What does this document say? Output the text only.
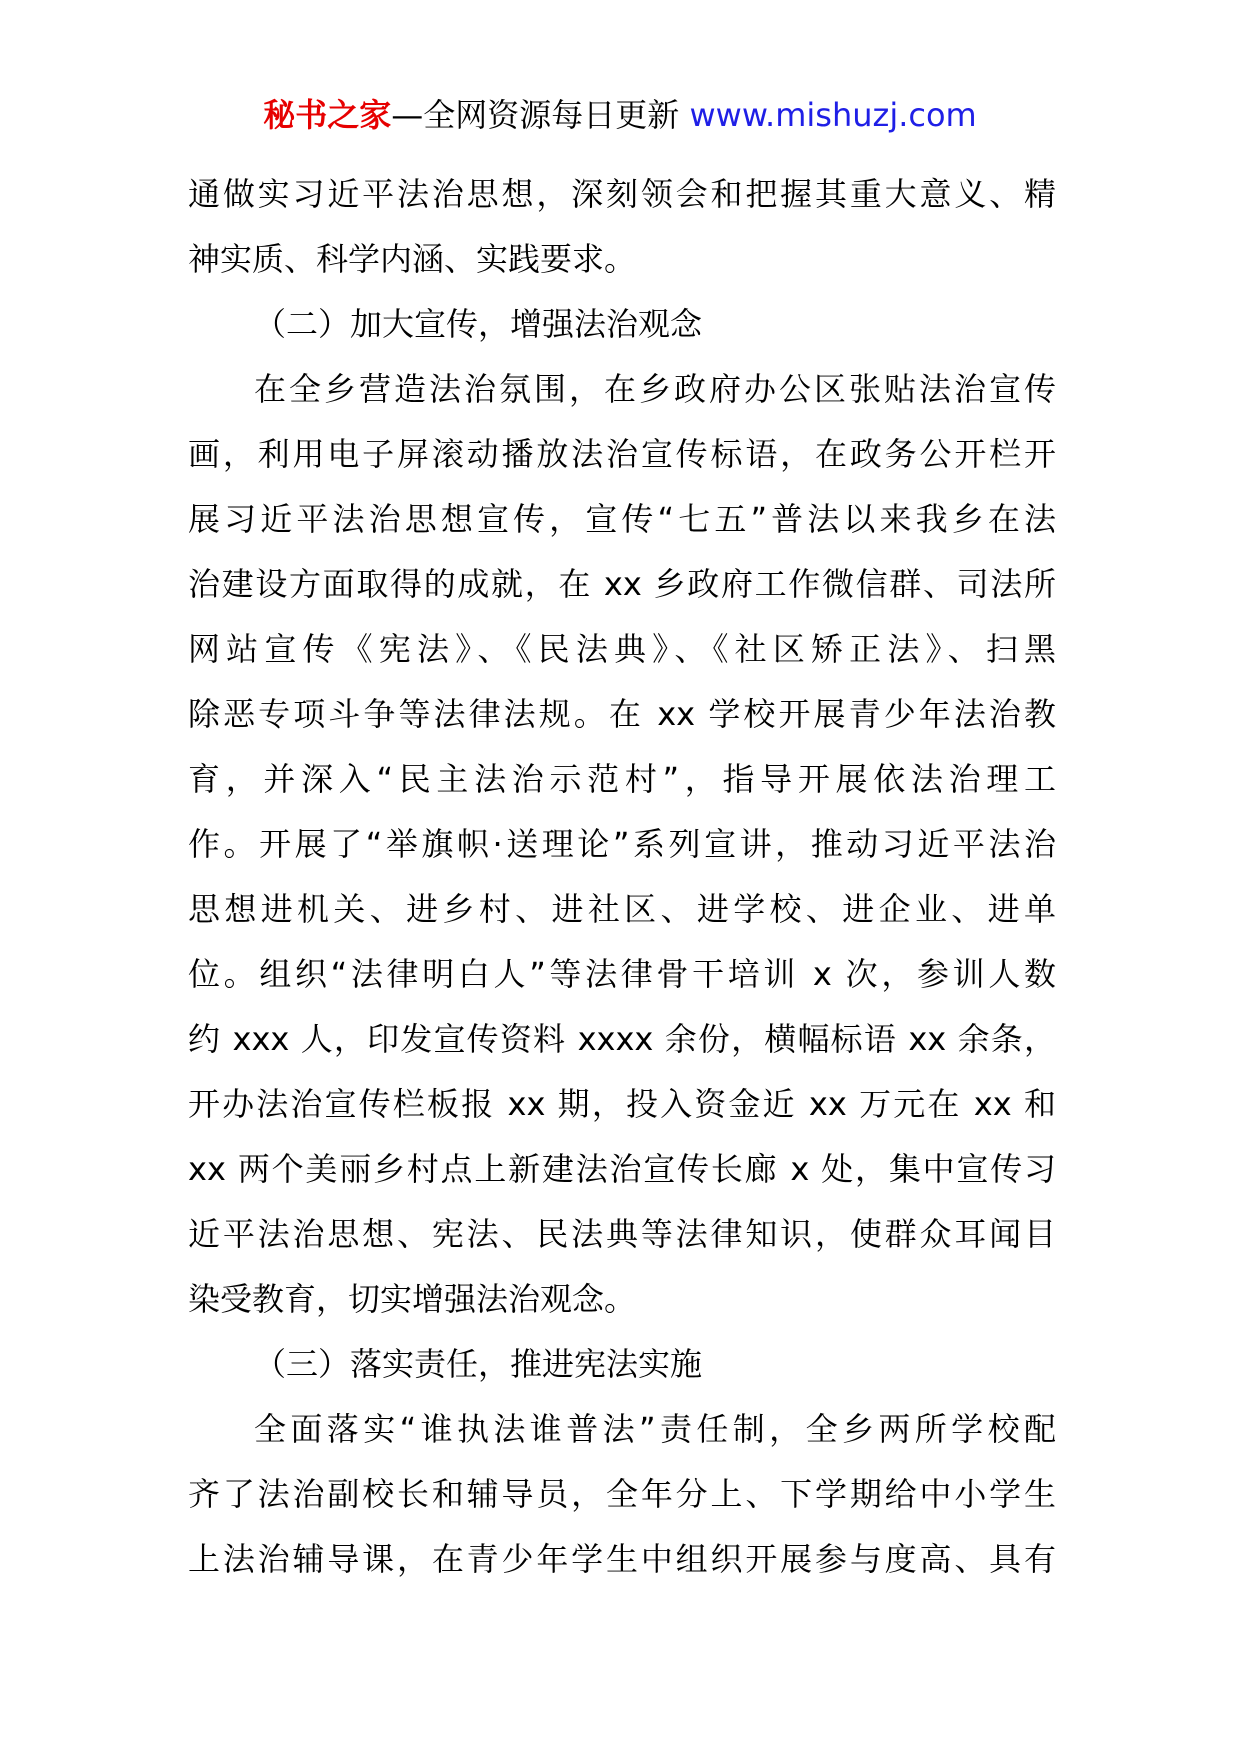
秘书之家—全网资源每日更新 www.mishuzj.com
通做实习近平法治思想，深刻领会和把握其重大意义、精
神实质、科学内涵、实践要求。
（二）加大宣传，增强法治观念
在全乡营造法治氛围，在乡政府办公区张贴法治宣传
画，利用电子屏滚动播放法治宣传标语，在政务公开栏开
展习近平法治思想宣传，宣传“七五”普法以来我乡在法
治建设方面取得的成就，在 xx 乡政府工作微信群、司法所
网站宣传《宪法》、《民法典》、《社区矫正法》、扫黑
除恶专项斗争等法律法规。在 xx 学校开展青少年法治教
育，并深入“民主法治示范村”，指导开展依法治理工
作。开展了“举旗帜·送理论”系列宣讲，推动习近平法治
思想进机关、进乡村、进社区、进学校、进企业、进单
位。组织“法律明白人”等法律骨干培训 x 次，参训人数
约 xxx 人，印发宣传资料 xxxx 余份，横幅标语 xx 余条，
开办法治宣传栏板报 xx 期，投入资金近 xx 万元在 xx 和
xx 两个美丽乡村点上新建法治宣传长廊 x 处，集中宣传习
近平法治思想、宪法、民法典等法律知识，使群众耳闻目
染受教育，切实增强法治观念。
（三）落实责任，推进宪法实施
全面落实“谁执法谁普法”责任制，全乡两所学校配
齐了法治副校长和辅导员，全年分上、下学期给中小学生
上法治辅导课，在青少年学生中组织开展参与度高、具有
